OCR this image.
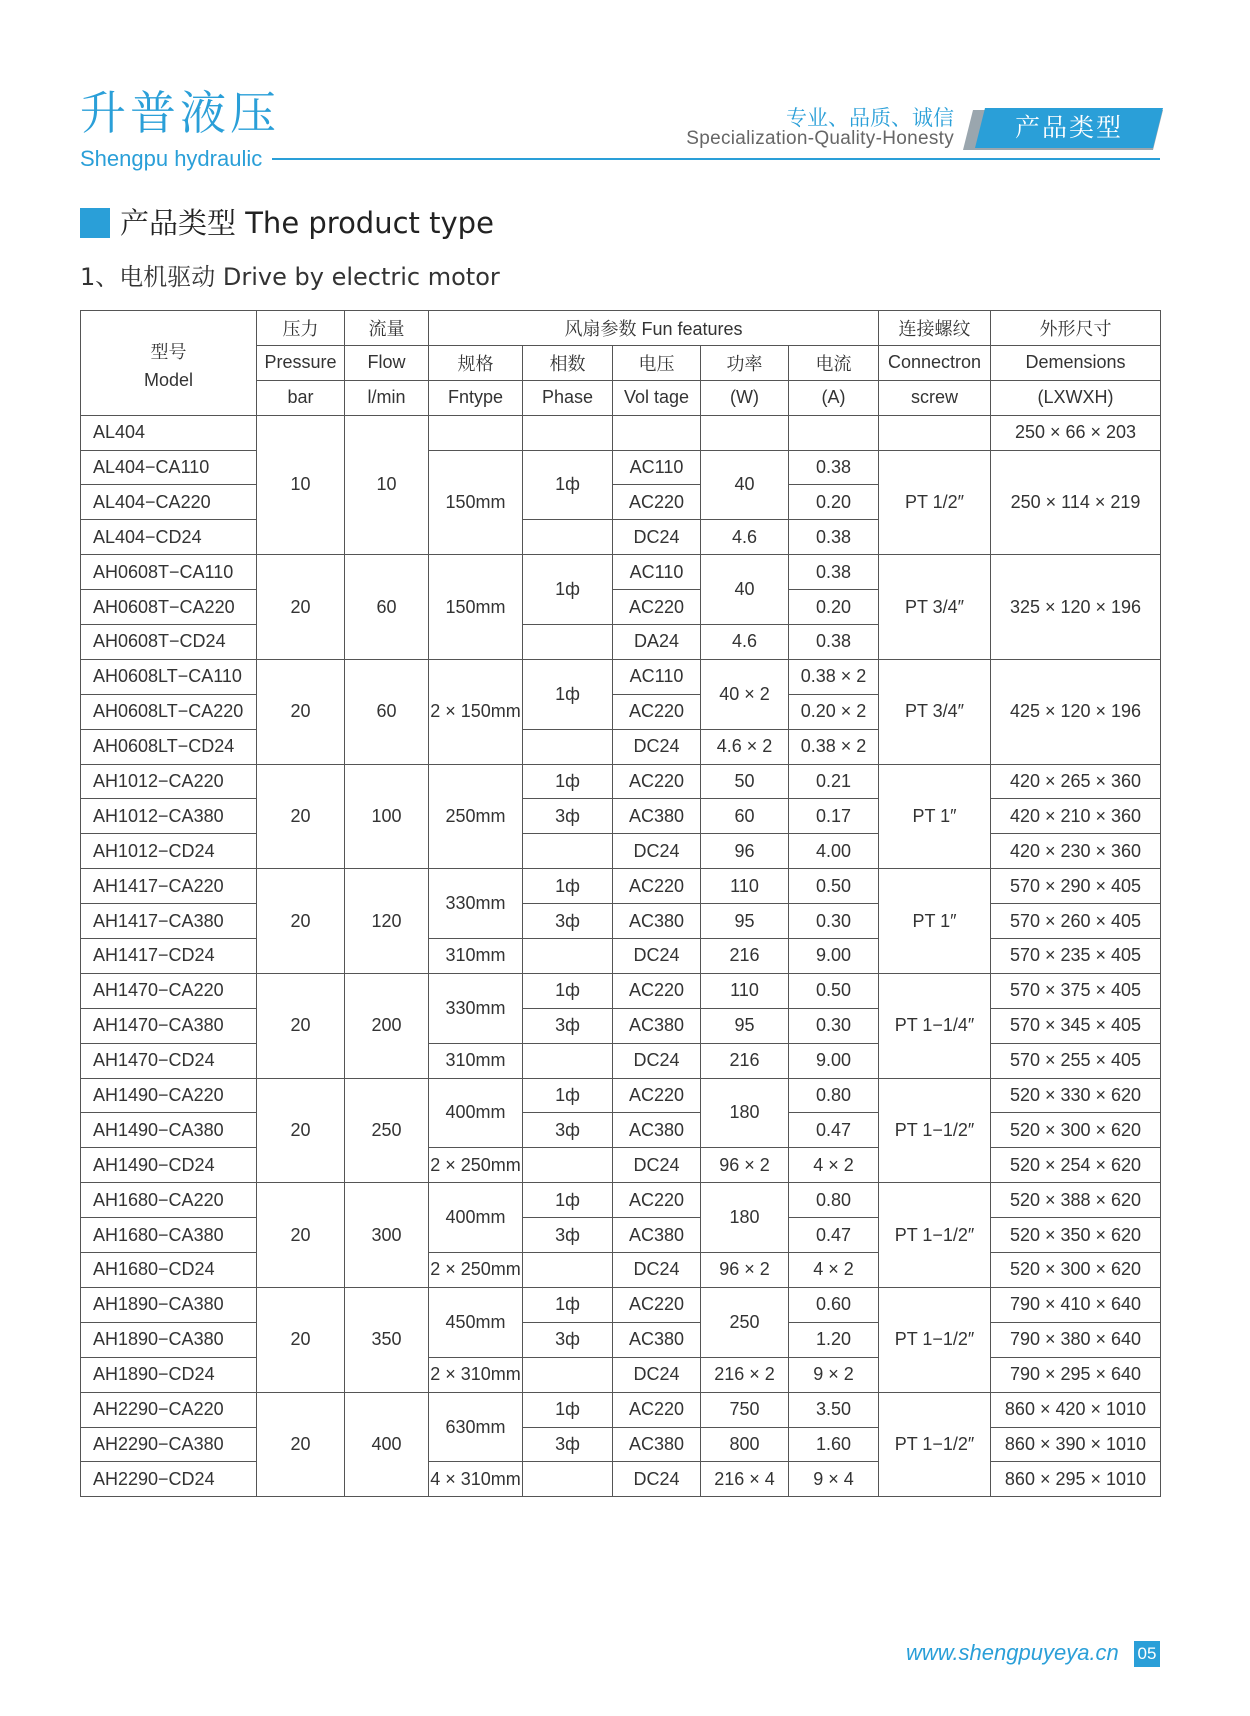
升普液压
Shengpu hydraulic
专业、品质、诚信
Specialization-Quality-Honesty	产品类型
产品类型 The product type
1、电机驱动 Drive by electric motor
型号
Model	压力	流量	风扇参数 Fun features					连接螺纹	外形尺寸
	Pressure	Flow	规格	相数	电压	功率	电流	Connectron	Demensions
	bar	l/min	Fntype	Phase	Vol tage	(W)	(A)	screw	(LXWXH)
AL404	10	10							250 × 66 × 203
AL404−CA110			150mm	1ф	AC110	40	0.38	PT 1/2″	250 × 114 × 219
AL404−CA220					AC220		0.20		
AL404−CD24					DC24	4.6	0.38		
AH0608T−CA110	20	60	150mm	1ф	AC110	40	0.38	PT 3/4″	325 × 120 × 196
AH0608T−CA220					AC220		0.20		
AH0608T−CD24					DA24	4.6	0.38		
AH0608LT−CA110	20	60	2 × 150mm	1ф	AC110	40 × 2	0.38 × 2	PT 3/4″	425 × 120 × 196
AH0608LT−CA220					AC220		0.20 × 2		
AH0608LT−CD24					DC24	4.6 × 2	0.38 × 2		
AH1012−CA220	20	100	250mm	1ф	AC220	50	0.21	PT 1″	420 × 265 × 360
AH1012−CA380				3ф	AC380	60	0.17		420 × 210 × 360
AH1012−CD24					DC24	96	4.00		420 × 230 × 360
AH1417−CA220	20	120	330mm	1ф	AC220	110	0.50	PT 1″	570 × 290 × 405
AH1417−CA380				3ф	AC380	95	0.30		570 × 260 × 405
AH1417−CD24			310mm		DC24	216	9.00		570 × 235 × 405
AH1470−CA220	20	200	330mm	1ф	AC220	110	0.50	PT 1−1/4″	570 × 375 × 405
AH1470−CA380				3ф	AC380	95	0.30		570 × 345 × 405
AH1470−CD24			310mm		DC24	216	9.00		570 × 255 × 405
AH1490−CA220	20	250	400mm	1ф	AC220	180	0.80	PT 1−1/2″	520 × 330 × 620
AH1490−CA380				3ф	AC380		0.47		520 × 300 × 620
AH1490−CD24			2 × 250mm		DC24	96 × 2	4 × 2		520 × 254 × 620
AH1680−CA220	20	300	400mm	1ф	AC220	180	0.80	PT 1−1/2″	520 × 388 × 620
AH1680−CA380				3ф	AC380		0.47		520 × 350 × 620
AH1680−CD24			2 × 250mm		DC24	96 × 2	4 × 2		520 × 300 × 620
AH1890−CA380	20	350	450mm	1ф	AC220	250	0.60	PT 1−1/2″	790 × 410 × 640
AH1890−CA380				3ф	AC380		1.20		790 × 380 × 640
AH1890−CD24			2 × 310mm		DC24	216 × 2	9 × 2		790 × 295 × 640
AH2290−CA220	20	400	630mm	1ф	AC220	750	3.50	PT 1−1/2″	860 × 420 × 1010
AH2290−CA380				3ф	AC380	800	1.60		860 × 390 × 1010
AH2290−CD24			4 × 310mm		DC24	216 × 4	9 × 4		860 × 295 × 1010
www.shengpuyeya.cn 05
